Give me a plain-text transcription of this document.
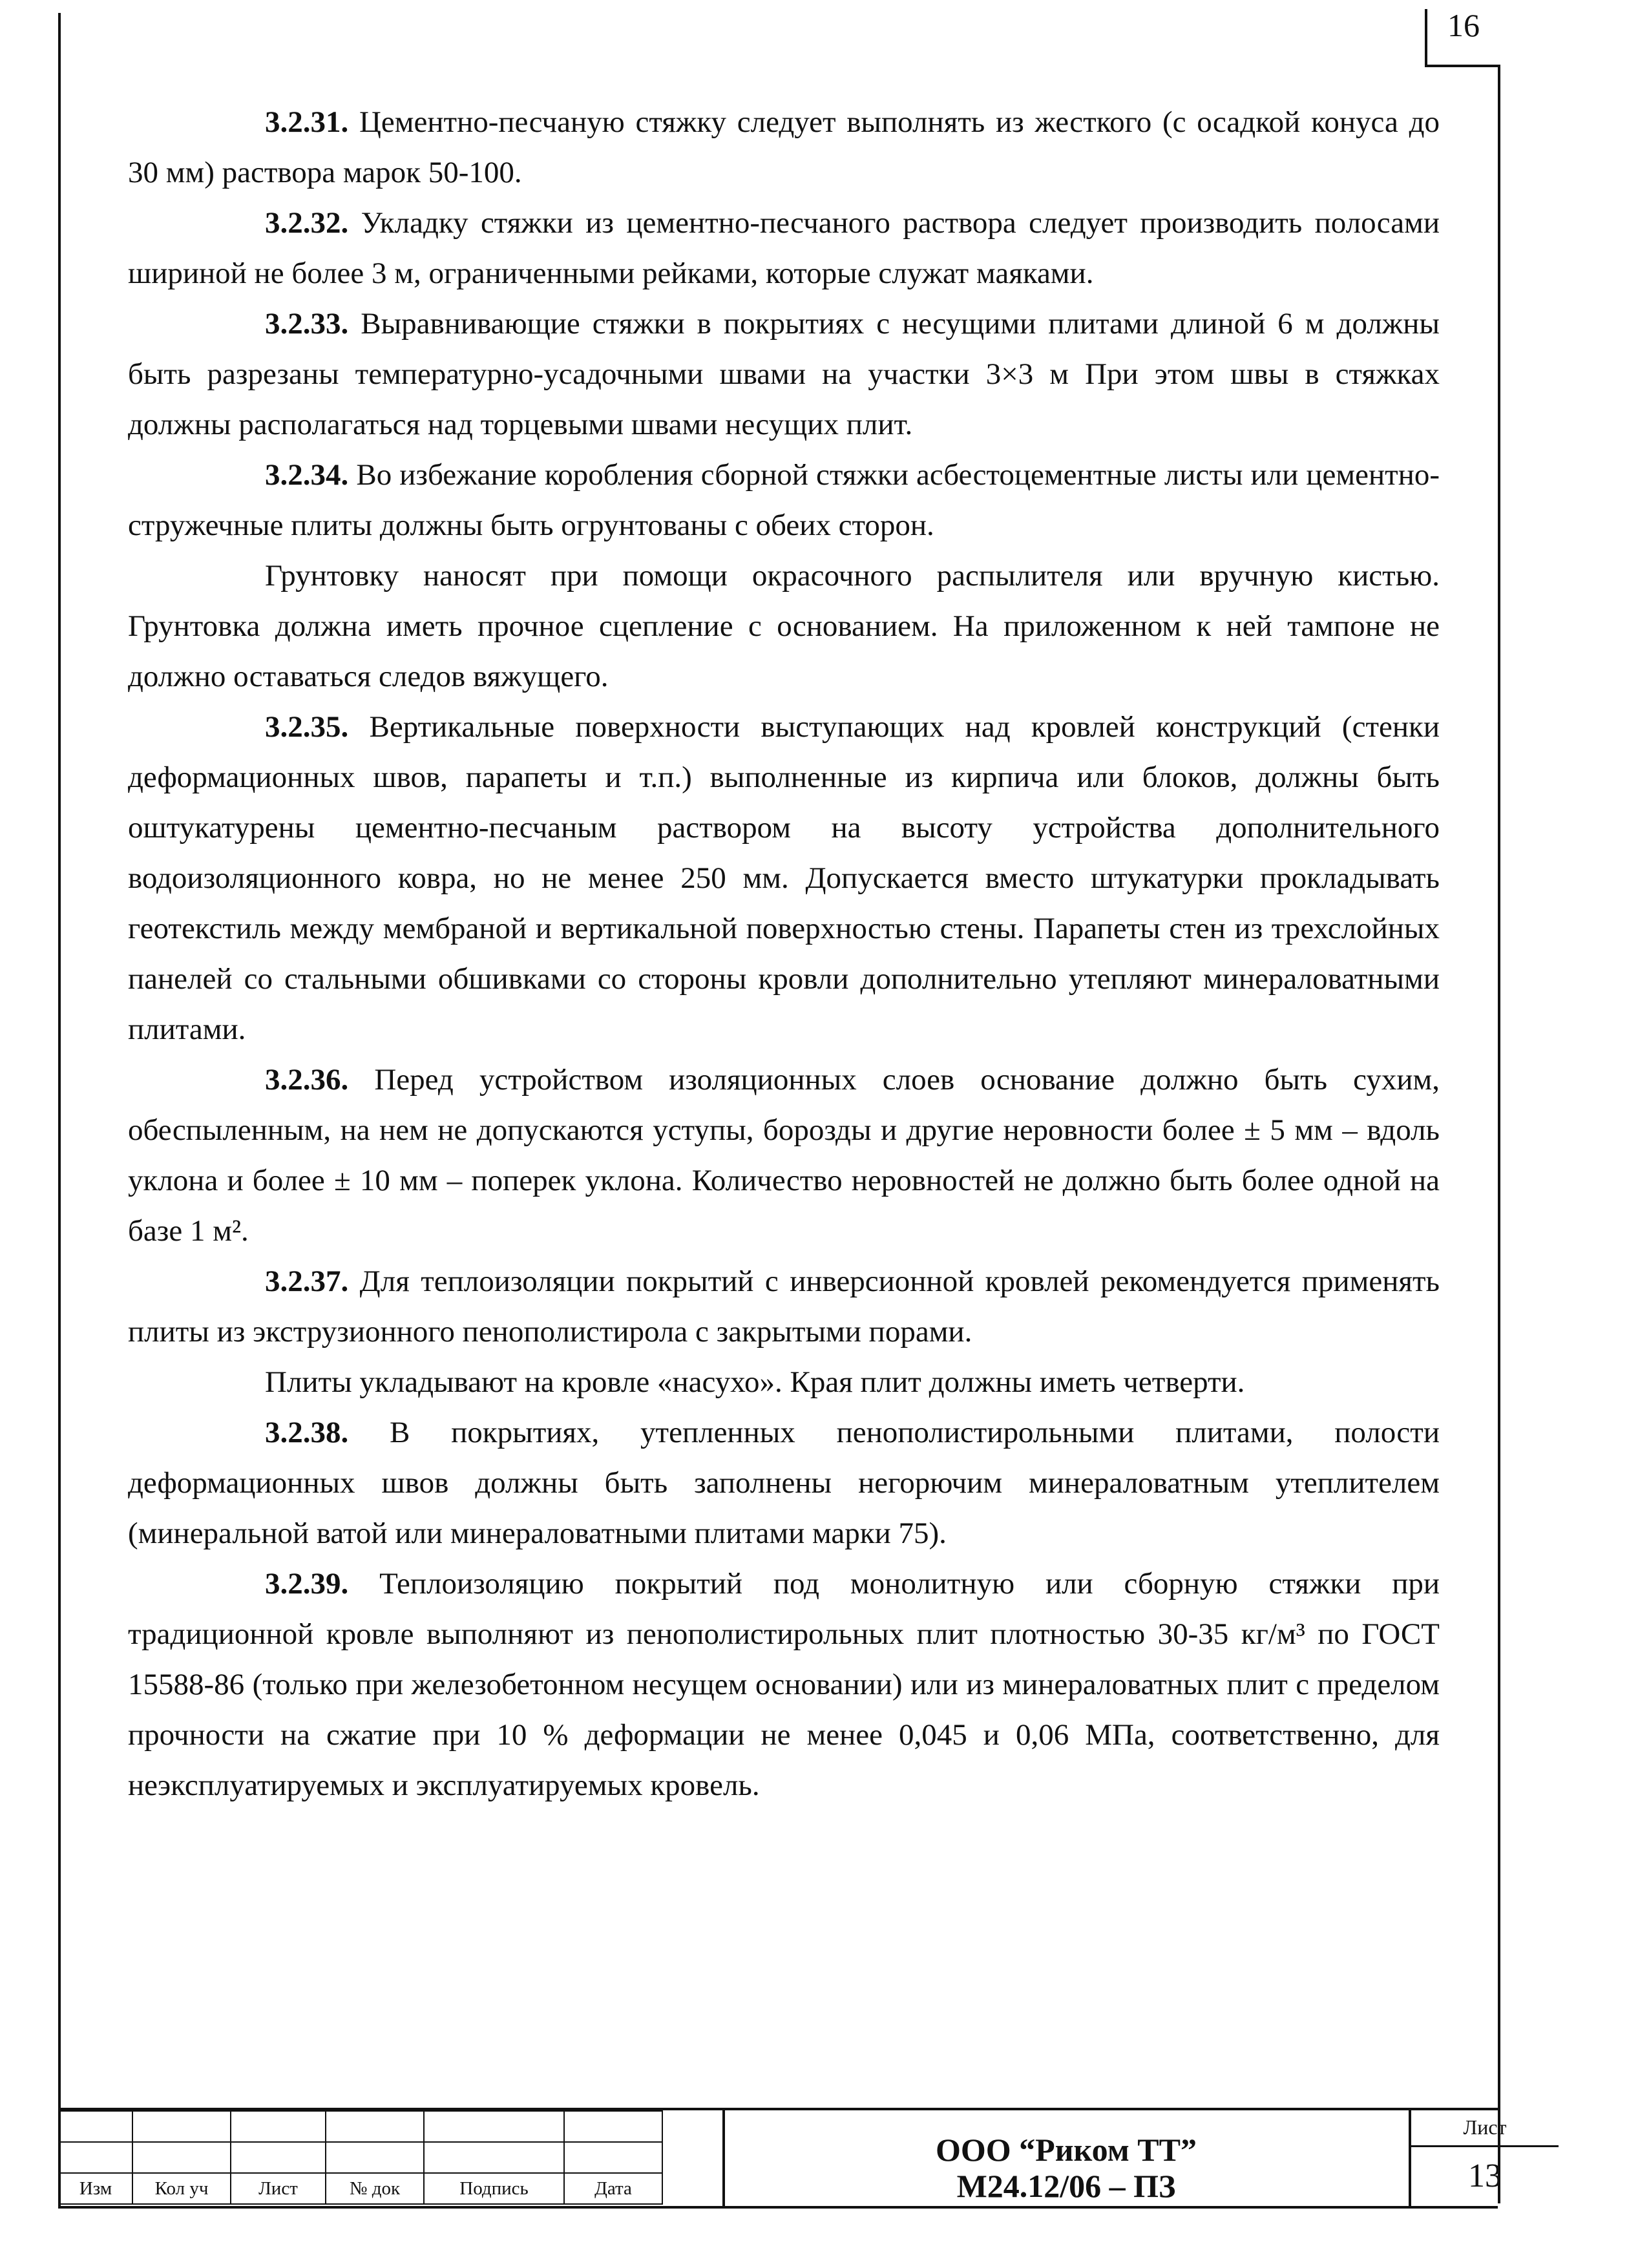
16

3.2.31. Цементно-песчаную стяжку следует выполнять из жесткого (с осадкой конуса до 30 мм) раствора марок 50-100.

3.2.32. Укладку стяжки из цементно-песчаного раствора следует производить полосами шириной не более 3 м, ограниченными рейками, которые служат маяками.

3.2.33. Выравнивающие стяжки в покрытиях с несущими плитами длиной 6 м должны быть разрезаны температурно-усадочными швами на участки 3×3 м При этом швы в стяжках должны располагаться над торцевыми швами несущих плит.

3.2.34. Во избежание коробления сборной стяжки асбестоцементные листы или цементно-стружечные плиты должны быть огрунтованы с обеих сторон.

Грунтовку наносят при помощи окрасочного распылителя или вручную кистью. Грунтовка должна иметь прочное сцепление с основанием. На приложенном к ней тампоне не должно оставаться следов вяжущего.

3.2.35. Вертикальные поверхности выступающих над кровлей конструкций (стенки деформационных швов, парапеты и т.п.) выполненные из кирпича или блоков, должны быть оштукатурены цементно-песчаным раствором на высоту устройства дополнительного водоизоляционного ковра, но не менее 250 мм. Допускается вместо штукатурки прокладывать геотекстиль между мембраной и вертикальной поверхностью стены. Парапеты стен из трехслойных панелей со стальными обшивками со стороны кровли дополнительно утепляют минераловатными плитами.

3.2.36. Перед устройством изоляционных слоев основание должно быть сухим, обеспыленным, на нем не допускаются уступы, борозды и другие неровности более ± 5 мм – вдоль уклона и более ± 10 мм – поперек уклона. Количество неровностей не должно быть более одной на базе 1 м².

3.2.37. Для теплоизоляции покрытий с инверсионной кровлей рекомендуется применять плиты из экструзионного пенополистирола с закрытыми порами.

Плиты укладывают на кровле «насухо». Края плит должны иметь четверти.

3.2.38. В покрытиях, утепленных пенополистирольными плитами, полости деформационных швов должны быть заполнены негорючим минераловатным утеплителем (минеральной ватой или минераловатными плитами марки 75).

3.2.39. Теплоизоляцию покрытий под монолитную или сборную стяжки при традиционной кровле выполняют из пенополистирольных плит плотностью 30-35 кг/м³ по ГОСТ 15588-86 (только при железобетонном несущем основании) или из минераловатных плит с пределом прочности на сжатие при 10 % деформации не менее 0,045 и 0,06 МПа, соответственно, для неэксплуатируемых и эксплуатируемых кровель.

Изм	Кол уч	Лист	№ док	Подпись	Дата
ООО “Риком ТТ”
М24.12/06 – ПЗ
Лист
13
